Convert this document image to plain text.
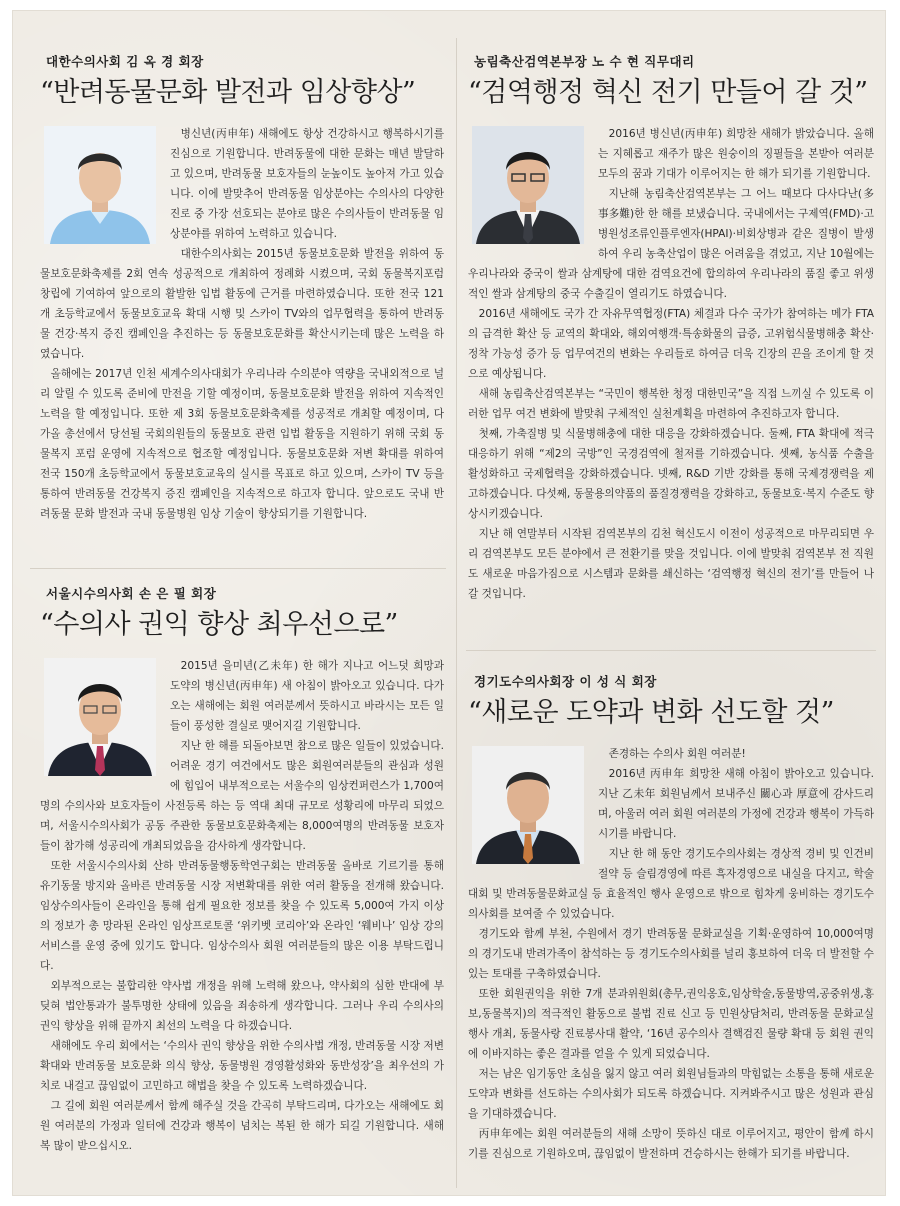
대한수의사회 김 옥 경 회장
“반려동물문화 발전과 임상향상”

병신년(丙申年) 새해에도 항상 건강하시고 행복하시기를 진심으로 기원합니다. 반려동물에 대한 문화는 매년 발달하고 있으며, 반려동물 보호자들의 눈높이도 높아져 가고 있습니다. 이에 발맞추어 반려동물 임상분야는 수의사의 다양한 진로 중 가장 선호되는 분야로 많은 수의사들이 반려동물 임상분야를 위하여 노력하고 있습니다.

대한수의사회는 2015년 동물보호문화 발전을 위하여 동물보호문화축제를 2회 연속 성공적으로 개최하여 정례화 시켰으며, 국회 동물복지포럼 창립에 기여하여 앞으로의 활발한 입법 활동에 근거를 마련하였습니다. 또한 전국 121개 초등학교에서 동물보호교육 확대 시행 및 스카이 TV와의 업무협력을 통하여 반려동물 건강·복지 증진 캠페인을 추진하는 등 동물보호문화를 확산시키는데 많은 노력을 하였습니다.

올해에는 2017년 인천 세계수의사대회가 우리나라 수의분야 역량을 국내외적으로 널리 알릴 수 있도록 준비에 만전을 기할 예정이며, 동물보호문화 발전을 위하여 지속적인 노력을 할 예정입니다. 또한 제 3회 동물보호문화축제를 성공적로 개최할 예정이며, 다가올 총선에서 당선될 국회의원들의 동물보호 관련 입법 활동을 지원하기 위해 국회 동물복지 포럼 운영에 지속적으로 협조할 예정입니다. 동물보호문화 저변 확대를 위하여 전국 150개 초등학교에서 동물보호교육의 실시를 목표로 하고 있으며, 스카이 TV 등을 통하여 반려동물 건강복지 증진 캠페인을 지속적으로 하고자 합니다. 앞으로도 국내 반려동물 문화 발전과 국내 동물병원 임상 기술이 향상되기를 기원합니다.

농림축산검역본부장 노 수 현 직무대리
“검역행정 혁신 전기 만들어 갈 것”

2016년 병신년(丙申年) 희망찬 새해가 밝았습니다. 올해는 지혜롭고 재주가 많은 원숭이의 징필들을 본받아 여러분 모두의 꿈과 기대가 이루어지는 한 해가 되기를 기원합니다.

지난해 농림축산검역본부는 그 어느 때보다 다사다난(多事多難)한 한 해를 보냈습니다. 국내에서는 구제역(FMD)·고병원성조류인플루엔자(HPAI)·비회상병과 같은 질병이 발생하여 우리 농축산업이 많은 어려움을 겪었고, 지난 10월에는 우리나라와 중국이 쌀과 삼계탕에 대한 검역요건에 합의하여 우리나라의 품질 좋고 위생적인 쌀과 삼계탕의 중국 수출길이 열리기도 하였습니다.

2016년 새해에도 국가 간 자유무역협정(FTA) 체결과 다수 국가가 참여하는 메가 FTA의 급격한 확산 등 교역의 확대와, 해외여행객·특송화물의 급증, 고위험식물병해충 확산·정착 가능성 증가 등 업무여건의 변화는 우리들로 하여금 더욱 긴장의 끈을 조이게 할 것으로 예상됩니다.

새해 농림축산검역본부는 “국민이 행복한 청정 대한민국”을 직접 느끼실 수 있도록 이러한 업무 여건 변화에 발맞춰 구체적인 실천계획을 마련하여 추진하고자 합니다.

첫째, 가축질병 및 식물병해충에 대한 대응을 강화하겠습니다. 둘째, FTA 확대에 적극 대응하기 위해 “제2의 국방”인 국경검역에 철저를 기하겠습니다. 셋째, 농식품 수출을 활성화하고 국제협력을 강화하겠습니다. 넷째, R&D 기반 강화를 통해 국제경쟁력을 제고하겠습니다. 다섯째, 동물용의약품의 품질경쟁력을 강화하고, 동물보호·복지 수준도 향상시키겠습니다.

지난 해 연말부터 시작된 검역본부의 김천 혁신도시 이전이 성공적으로 마무리되면 우리 검역본부도 모든 분야에서 큰 전환기를 맞을 것입니다. 이에 발맞춰 검역본부 전 직원도 새로운 마음가짐으로 시스템과 문화를 쇄신하는 ‘검역행정 혁신의 전기’를 만들어 나갈 것입니다.

서울시수의사회 손 은 필 회장
“수의사 권익 향상 최우선으로”

2015년 을미년(乙未年) 한 해가 지나고 어느덧 희망과 도약의 병신년(丙申年) 새 아침이 밝아오고 있습니다. 다가오는 새해에는 회원 여러분께서 뜻하시고 바라시는 모든 일들이 풍성한 결실로 맺어지길 기원합니다.

지난 한 해를 되돌아보면 참으로 많은 일들이 있었습니다. 어려운 경기 여건에서도 많은 회원여러분들의 관심과 성원에 힘입어 내부적으로는 서울수의 임상컨퍼런스가 1,700여명의 수의사와 보호자들이 사전등록 하는 등 역대 최대 규모로 성황리에 마무리 되었으며, 서울시수의사회가 공동 주관한 동물보호문화축제는 8,000여명의 반려동물 보호자들이 참가해 성공리에 개최되었음을 감사하게 생각합니다.

또한 서울시수의사회 산하 반려동물행동학연구회는 반려동물 올바로 기르기를 통해 유기동물 방지와 올바른 반려동물 시장 저변확대를 위한 여러 활동을 전개해 왔습니다. 임상수의사들이 온라인을 통해 쉽게 필요한 정보를 찾을 수 있도록 5,000여 가지 이상의 정보가 총 망라된 온라인 임상프로토콜 ‘위키벳 코리아’와 온라인 ‘웨비나’ 임상 강의 서비스를 운영 중에 있기도 합니다. 임상수의사 회원 여러분들의 많은 이용 부탁드립니다.

외부적으로는 불합리한 약사법 개정을 위해 노력해 왔으나, 약사회의 심한 반대에 부딪혀 법안통과가 불투명한 상태에 있음을 죄송하게 생각합니다. 그러나 우리 수의사의 권익 향상을 위해 끝까지 최선의 노력을 다 하겠습니다.

새해에도 우리 회에서는 ‘수의사 권익 향상을 위한 수의사법 개정, 반려동물 시장 저변 확대와 반려동물 보호문화 의식 향상, 동물병원 경영활성화와 동반성장’을 최우선의 가치로 내걸고 끊임없이 고민하고 해법을 찾을 수 있도록 노력하겠습니다.

그 길에 회원 여러분께서 함께 해주실 것을 간곡히 부탁드리며, 다가오는 새해에도 회원 여러분의 가정과 일터에 건강과 행복이 넘치는 복된 한 해가 되길 기원합니다. 새해 복 많이 받으십시오.

경기도수의사회장 이 성 식 회장
“새로운 도약과 변화 선도할 것”

존경하는 수의사 회원 여러분!

2016년 丙申年 희망찬 새해 아침이 밝아오고 있습니다. 지난 乙未年 회원님께서 보내주신 關心과 厚意에 감사드리며, 아울러 여러 회원 여러분의 가정에 건강과 행복이 가득하시기를 바랍니다.

지난 한 해 동안 경기도수의사회는 경상적 경비 및 인건비 절약 등 슬림경영에 따른 흑자경영으로 내실을 다지고, 학술대회 및 반려동물문화교실 등 효율적인 행사 운영으로 밖으로 힘차게 웅비하는 경기도수의사회를 보여줄 수 있었습니다.

경기도와 함께 부천, 수원에서 경기 반려동물 문화교실을 기획·운영하여 10,000여명의 경기도내 반려가족이 참석하는 등 경기도수의사회를 널리 홍보하여 더욱 더 발전할 수 있는 토대를 구축하였습니다.

또한 회원권익을 위한 7개 분과위원회(총무,권익옹호,임상학술,동물방역,공중위생,홍보,동물복지)의 적극적인 활동으로 불법 진료 신고 등 민원상담처리, 반려동물 문화교실 행사 개최, 동물사랑 진료봉사대 활약, ‘16년 공수의사 결핵검진 물량 확대 등 회원 권익에 이바지하는 좋은 결과를 얻을 수 있게 되었습니다.

저는 남은 임기동안 초심을 잃지 않고 여러 회원님들과의 막힘없는 소통을 통해 새로운 도약과 변화를 선도하는 수의사회가 되도록 하겠습니다. 지켜봐주시고 많은 성원과 관심을 기대하겠습니다.

丙申年에는 회원 여러분들의 새해 소망이 뜻하신 대로 이루어지고, 평안이 함께 하시기를 진심으로 기원하오며, 끊임없이 발전하며 건승하시는 한해가 되기를 바랍니다.
